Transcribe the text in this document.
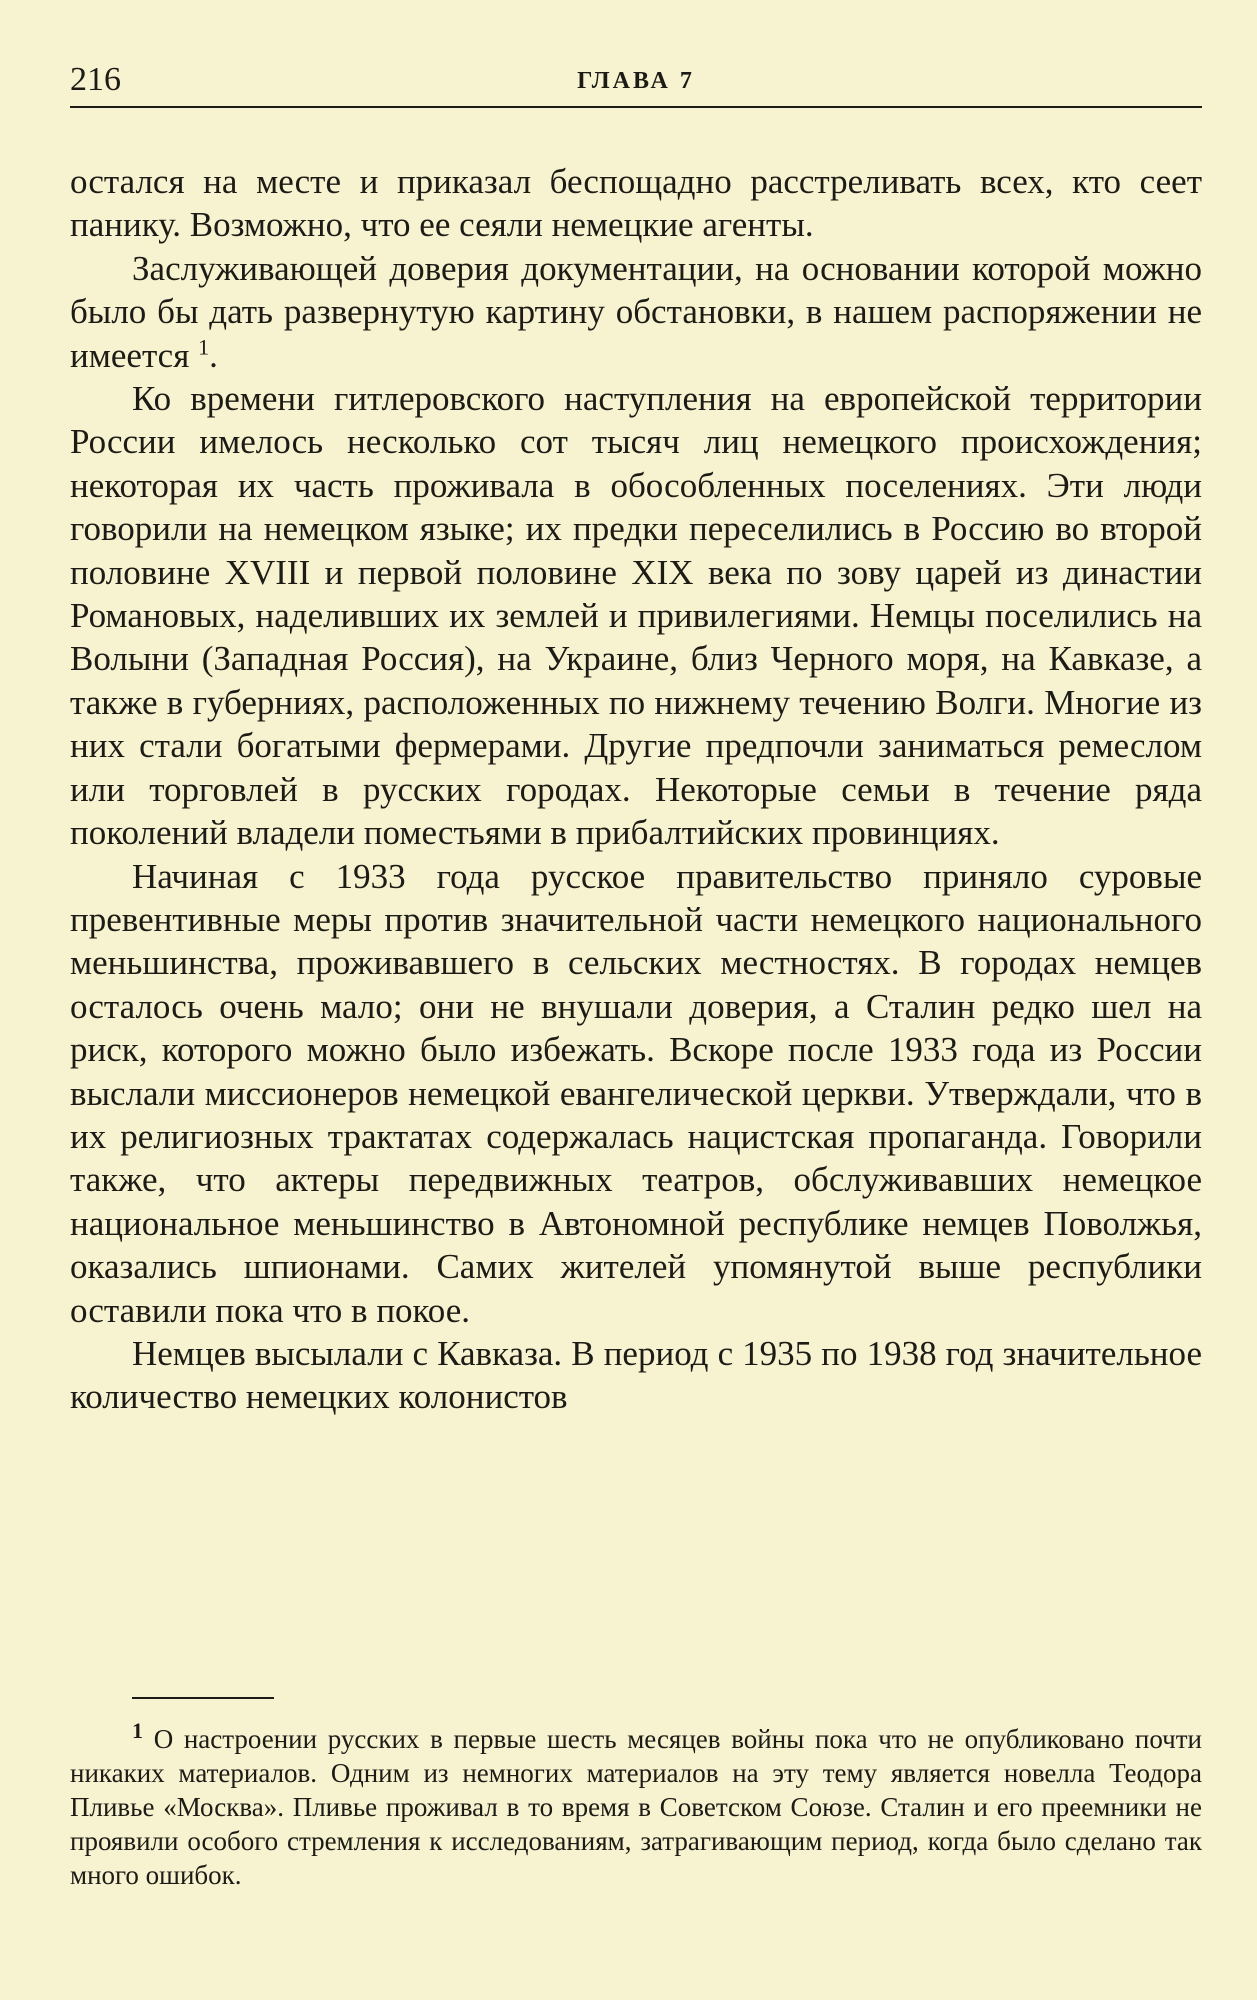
216	ГЛАВА 7

остался на месте и приказал беспощадно расстреливать всех, кто сеет панику. Возможно, что ее сеяли немецкие агенты.

Заслуживающей доверия документации, на основании которой можно было бы дать развернутую картину обстановки, в нашем распоряжении не имеется $^1$.

Ко времени гитлеровского наступления на европейской территории России имелось несколько сот тысяч лиц немецкого происхождения; некоторая их часть проживала в обособленных поселениях. Эти люди говорили на немецком языке; их предки переселились в Россию во второй половине XVIII и первой половине XIX века по зову царей из династии Романовых, наделивших их землей и привилегиями. Немцы поселились на Волыни (Западная Россия), на Украине, близ Черного моря, на Кавказе, а также в губерниях, расположенных по нижнему течению Волги. Многие из них стали богатыми фермерами. Другие предпочли заниматься ремеслом или торговлей в русских городах. Некоторые семьи в течение ряда поколений владели поместьями в прибалтийских провинциях.

Начиная с 1933 года русское правительство приняло суровые превентивные меры против значительной части немецкого национального меньшинства, проживавшего в сельских местностях. В городах немцев осталось очень мало; они не внушали доверия, а Сталин редко шел на риск, которого можно было избежать. Вскоре после 1933 года из России выслали миссионеров немецкой евангелической церкви. Утверждали, что в их религиозных трактатах содержалась нацистская пропаганда. Говорили также, что актеры передвижных театров, обслуживавших немецкое национальное меньшинство в Автономной республике немцев Поволжья, оказались шпионами. Самих жителей упомянутой выше республики оставили пока что в покое.

Немцев высылали с Кавказа. В период с 1935 по 1938 год значительное количество немецких колонистов

$^1$ О настроении русских в первые шесть месяцев войны пока что не опубликовано почти никаких материалов. Одним из немногих материалов на эту тему является новелла Теодора Пливье «Москва». Пливье проживал в то время в Советском Союзе. Сталин и его преемники не проявили особого стремления к исследованиям, затрагивающим период, когда было сделано так много ошибок.
